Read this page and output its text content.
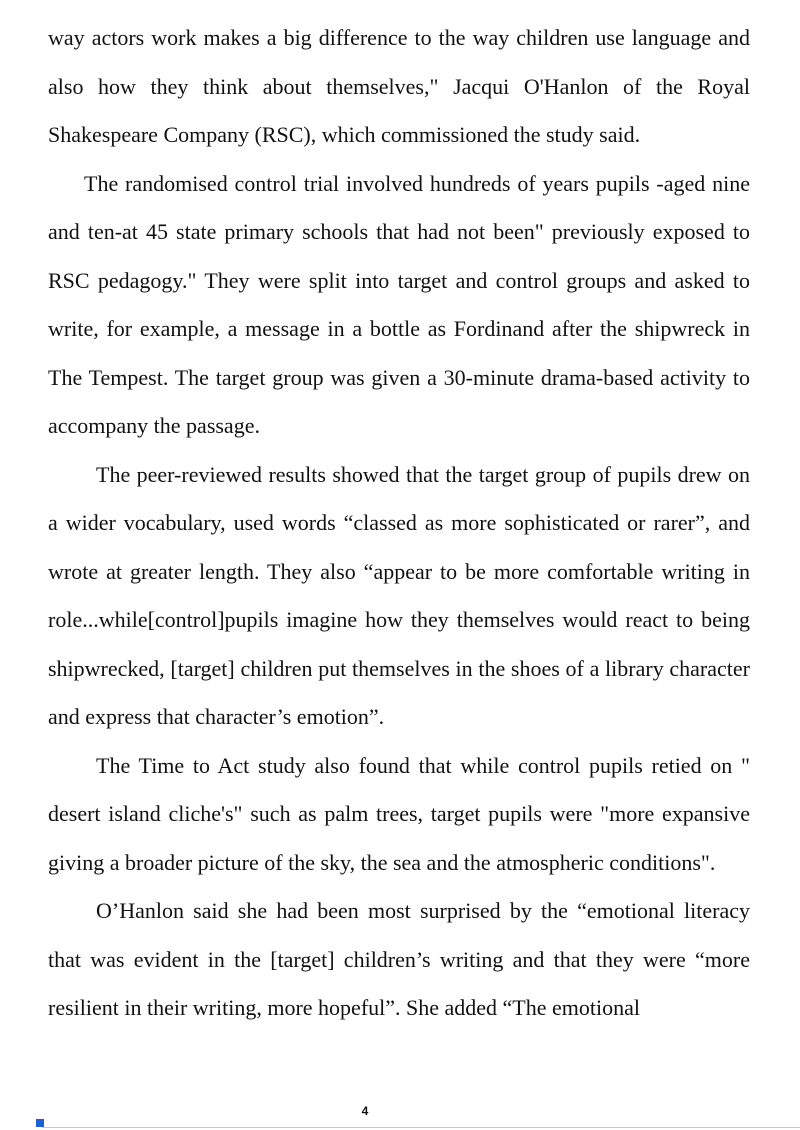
way actors work makes a big difference to the way children use language and also how they think about themselves," Jacqui O'Hanlon of the Royal Shakespeare Company (RSC), which commissioned the study said.

The randomised control trial involved hundreds of years pupils -aged nine and ten-at 45 state primary schools that had not been" previously exposed to RSC pedagogy." They were split into target and control groups and asked to write, for example, a message in a bottle as Fordinand after the shipwreck in The Tempest. The target group was given a 30-minute drama-based activity to accompany the passage.

The peer-reviewed results showed that the target group of pupils drew on a wider vocabulary, used words “classed as more sophisticated or rarer”, and wrote at greater length. They also “appear to be more comfortable writing in role...while[control]pupils imagine how they themselves would react to being shipwrecked, [target] children put themselves in the shoes of a library character and express that character’s emotion”.

The Time to Act study also found that while control pupils retied on " desert island cliche's" such as palm trees, target pupils were "more expansive giving a broader picture of the sky, the sea and the atmospheric conditions".

O’Hanlon said she had been most surprised by the “emotional literacy that was evident in the [target] children’s writing and that they were “more resilient in their writing, more hopeful”. She added “The emotional

4
